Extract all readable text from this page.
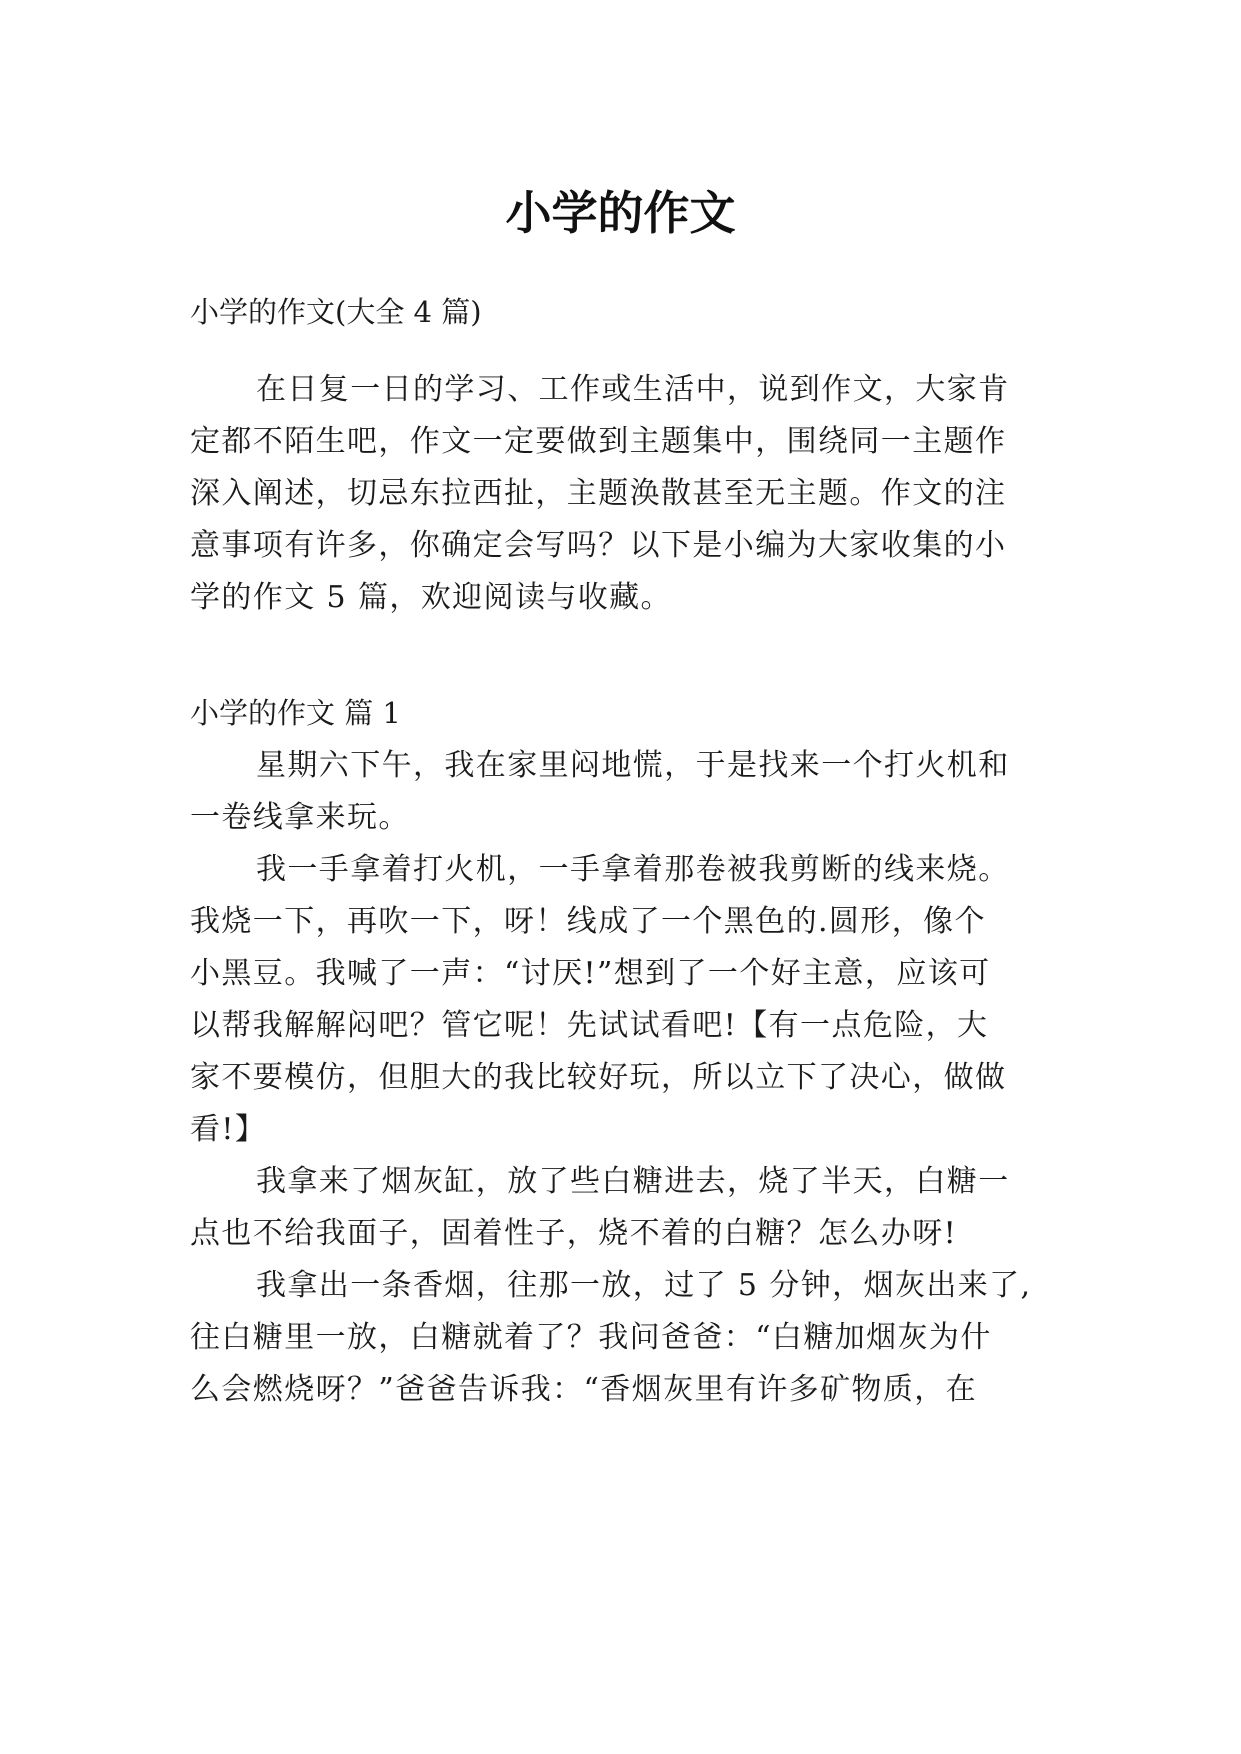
小学的作文
小学的作文(大全 4 篇)
在日复一日的学习、工作或生活中，说到作文，大家肯
定都不陌生吧，作文一定要做到主题集中，围绕同一主题作
深入阐述，切忌东拉西扯，主题涣散甚至无主题。作文的注
意事项有许多，你确定会写吗？以下是小编为大家收集的小
学的作文 5 篇，欢迎阅读与收藏。
小学的作文 篇 1
星期六下午，我在家里闷地慌，于是找来一个打火机和
一卷线拿来玩。
我一手拿着打火机，一手拿着那卷被我剪断的线来烧。
我烧一下，再吹一下，呀！线成了一个黑色的.圆形，像个
小黑豆。我喊了一声：“讨厌!”想到了一个好主意，应该可
以帮我解解闷吧？管它呢！先试试看吧!【有一点危险，大
家不要模仿，但胆大的我比较好玩，所以立下了决心，做做
看!】
我拿来了烟灰缸，放了些白糖进去，烧了半天，白糖一
点也不给我面子，固着性子，烧不着的白糖？怎么办呀!
我拿出一条香烟，往那一放，过了 5 分钟，烟灰出来了,
往白糖里一放，白糖就着了？我问爸爸：“白糖加烟灰为什
么会燃烧呀？”爸爸告诉我：“香烟灰里有许多矿物质，在
